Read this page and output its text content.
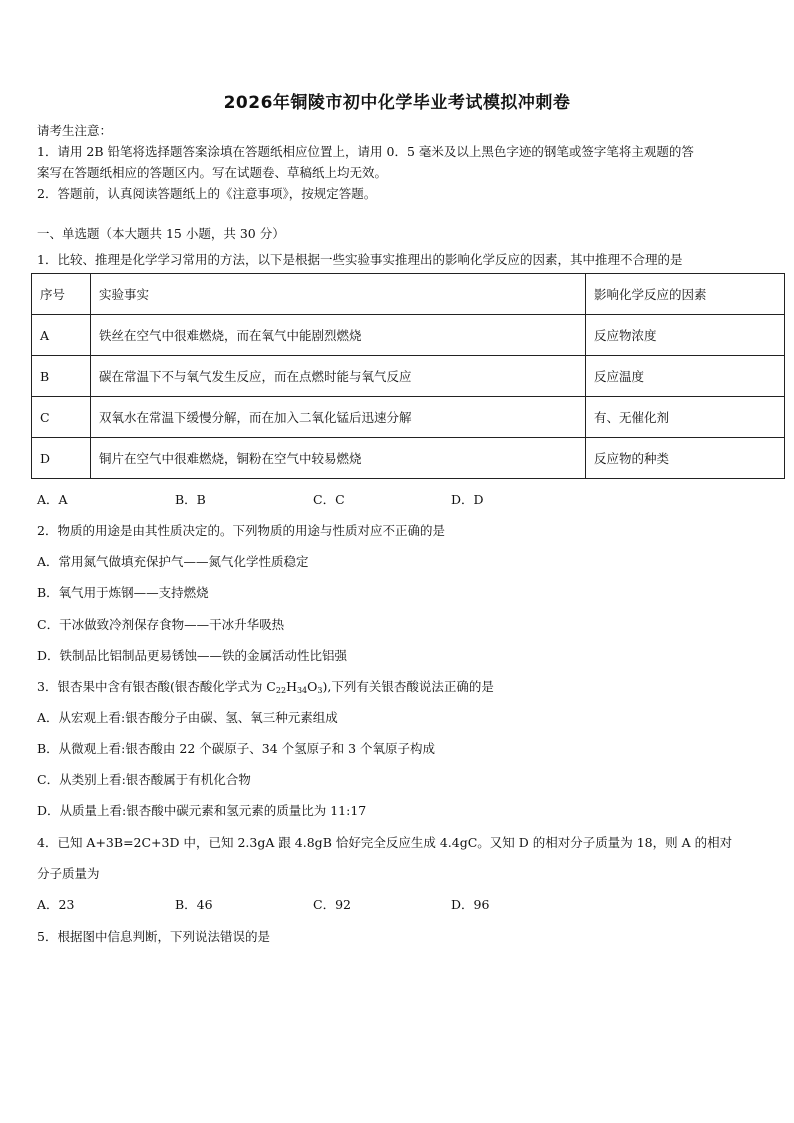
2026年铜陵市初中化学毕业考试模拟冲刺卷
请考生注意：
1．请用 2B 铅笔将选择题答案涂填在答题纸相应位置上，请用 0．5 毫米及以上黑色字迹的钢笔或签字笔将主观题的答
案写在答题纸相应的答题区内。写在试题卷、草稿纸上均无效。
2．答题前，认真阅读答题纸上的《注意事项》，按规定答题。
一、单选题（本大题共 15 小题，共 30 分）
1．比较、推理是化学学习常用的方法，以下是根据一些实验事实推理出的影响化学反应的因素，其中推理不合理的是
序号	实验事实	影响化学反应的因素
A	铁丝在空气中很难燃烧，而在氧气中能剧烈燃烧	反应物浓度
B	碳在常温下不与氧气发生反应，而在点燃时能与氧气反应	反应温度
C	双氧水在常温下缓慢分解，而在加入二氧化锰后迅速分解	有、无催化剂
D	铜片在空气中很难燃烧，铜粉在空气中较易燃烧	反应物的种类
A．A	B．B	C．C	D．D
2．物质的用途是由其性质决定的。下列物质的用途与性质对应不正确的是
A．常用氮气做填充保护气——氮气化学性质稳定
B．氧气用于炼钢——支持燃烧
C．干冰做致冷剂保存食物——干冰升华吸热
D．铁制品比铝制品更易锈蚀——铁的金属活动性比铝强
3．银杏果中含有银杏酸(银杏酸化学式为 $C_{22}H_{34}O_3$),下列有关银杏酸说法正确的是
A．从宏观上看:银杏酸分子由碳、氢、氧三种元素组成
B．从微观上看:银杏酸由 22 个碳原子、34 个氢原子和 3 个氧原子构成
C．从类别上看:银杏酸属于有机化合物
D．从质量上看:银杏酸中碳元素和氢元素的质量比为 11:17
4．已知 A+3B=2C+3D 中，已知 2.3gA 跟 4.8gB 恰好完全反应生成 4.4gC。又知 D 的相对分子质量为 18，则 A 的相对
分子质量为
A．23	B．46	C．92	D．96
5．根据图中信息判断，下列说法错误的是
